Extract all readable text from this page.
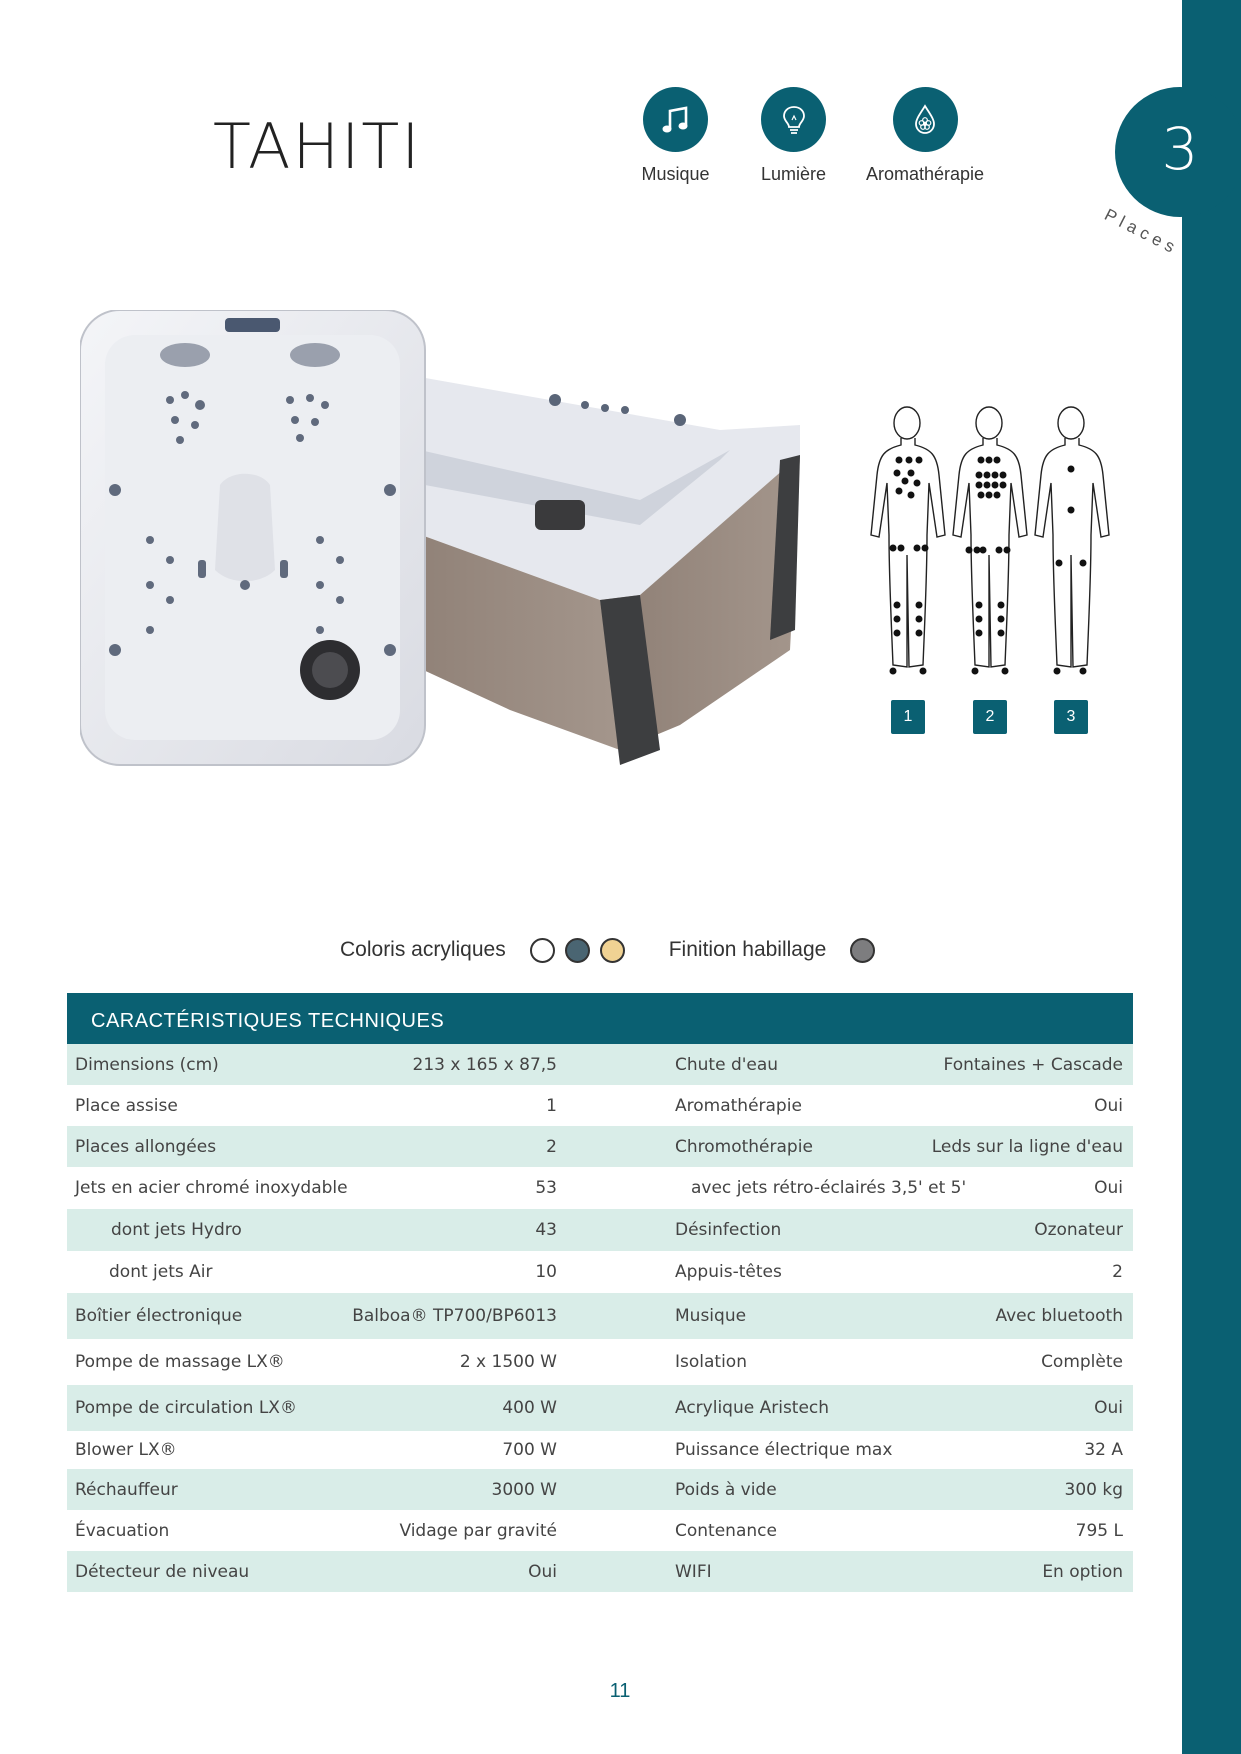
3
Places
TAHITI	Musique	Lumière	Aromathérapie
1	2	3
Coloris acryliques	Finition habillage
CARACTÉRISTIQUES TECHNIQUES
Dimensions (cm)	213 x 165 x 87,5	Chute d'eau	Fontaines + Cascade
Place assise	1	Aromathérapie	Oui
Places allongées	2	Chromothérapie	Leds sur la ligne d'eau
Jets en acier chromé inoxydable	53	avec jets rétro-éclairés 3,5' et 5'	Oui
dont jets Hydro	43	Désinfection	Ozonateur
dont jets Air	10	Appuis-têtes	2
Boîtier électronique	Balboa® TP700/BP6013	Musique	Avec bluetooth
Pompe de massage LX®	2 x 1500 W	Isolation	Complète
Pompe de circulation LX®	400 W	Acrylique Aristech	Oui
Blower LX®	700 W	Puissance électrique max	32 A
Réchauffeur	3000 W	Poids à vide	300 kg
Évacuation	Vidage par gravité	Contenance	795 L
Détecteur de niveau	Oui	WIFI	En option
11
